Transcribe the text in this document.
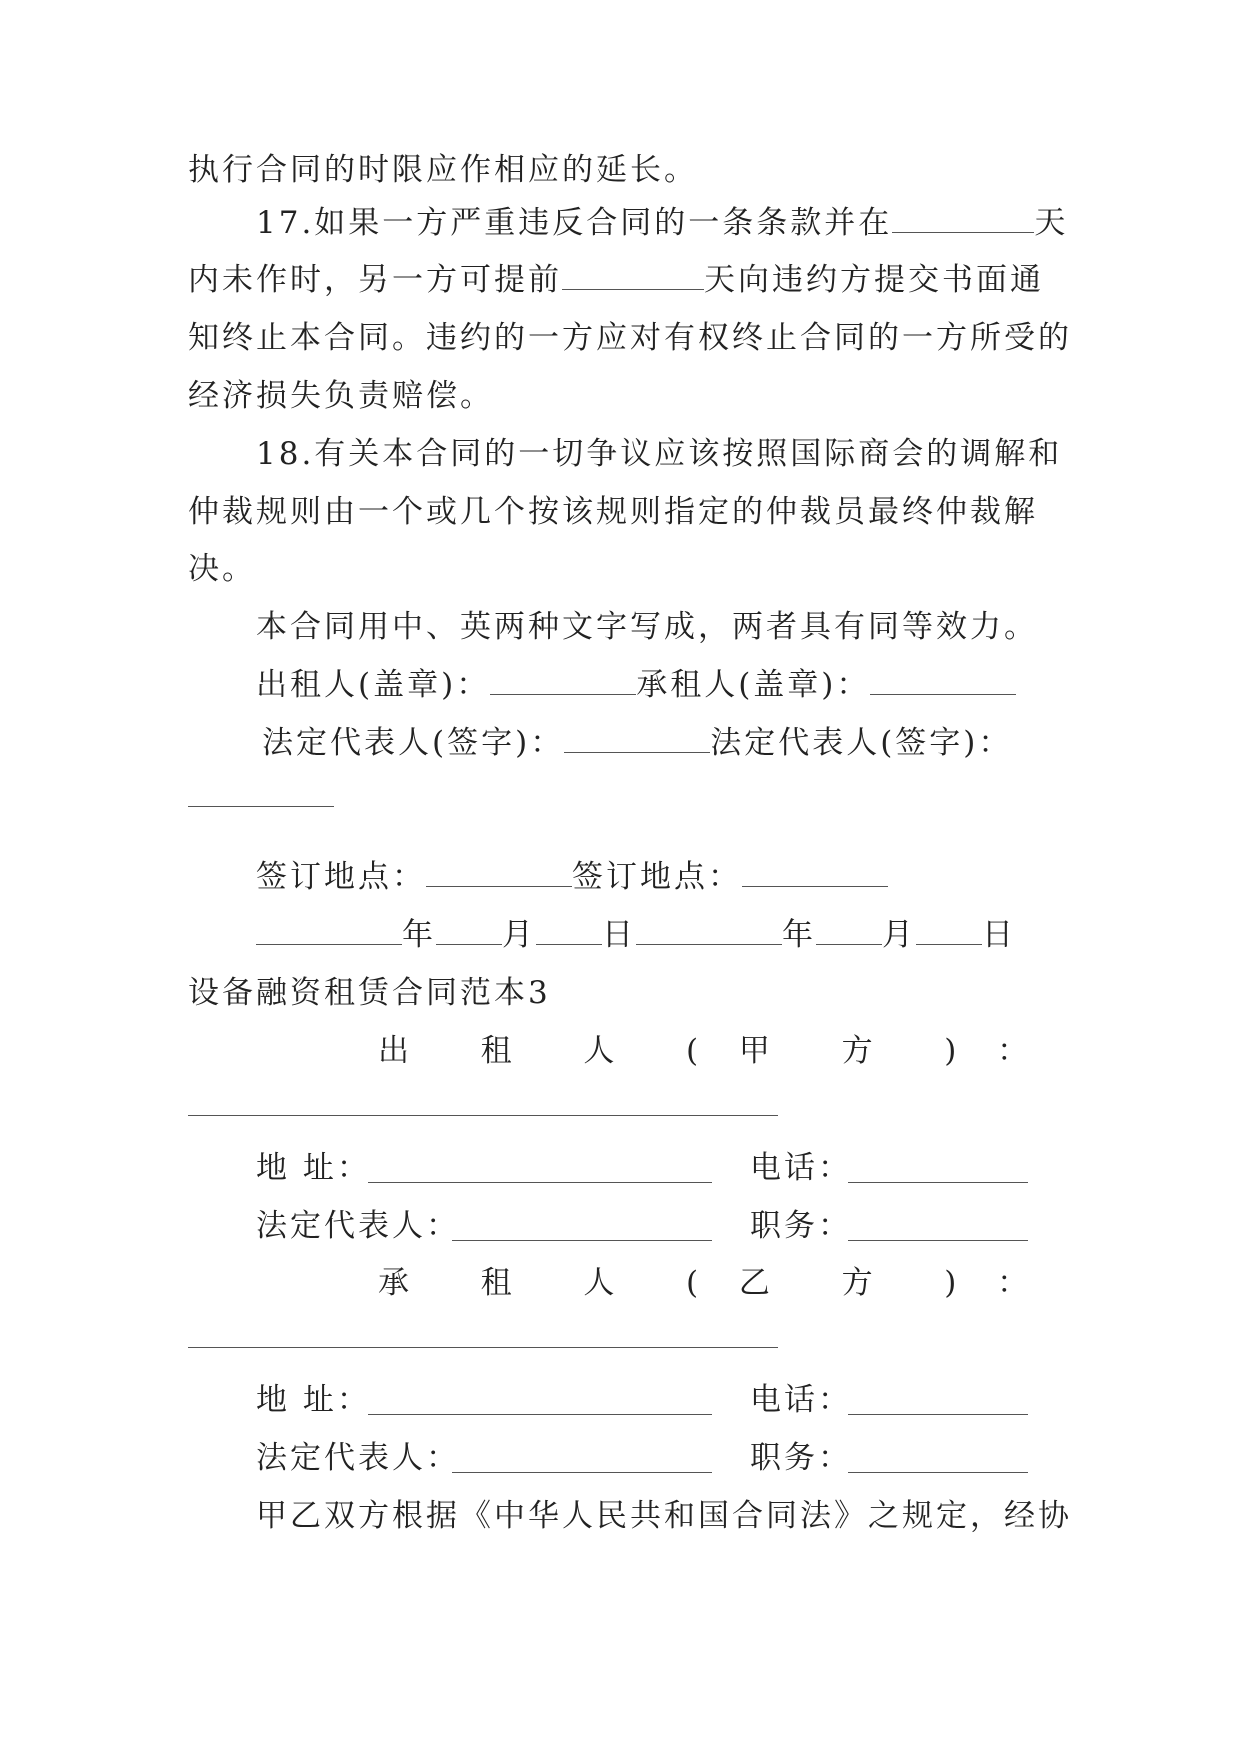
执行合同的时限应作相应的延长。

17.如果一方严重违反合同的一条条款并在	天

内未作时，另一方可提前	天向违约方提交书面通

知终止本合同。违约的一方应对有权终止合同的一方所受的

经济损失负责赔偿。

18.有关本合同的一切争议应该按照国际商会的调解和

仲裁规则由一个或几个按该规则指定的仲裁员最终仲裁解

决。

本合同用中、英两种文字写成，两者具有同等效力。

出租人(盖章)：	承租人(盖章)：

法定代表人(签字)：	法定代表人(签字)：

签订地点：	签订地点：

年 月 日	年 月 日

设备融资租赁合同范本3

出 租 人 ( 甲 方 ) ：
地 址：	电话：
法定代表人：	职务：
承 租 人 ( 乙 方 ) ：
地 址：	电话：
法定代表人：	职务：

甲乙双方根据《中华人民共和国合同法》之规定，经协
